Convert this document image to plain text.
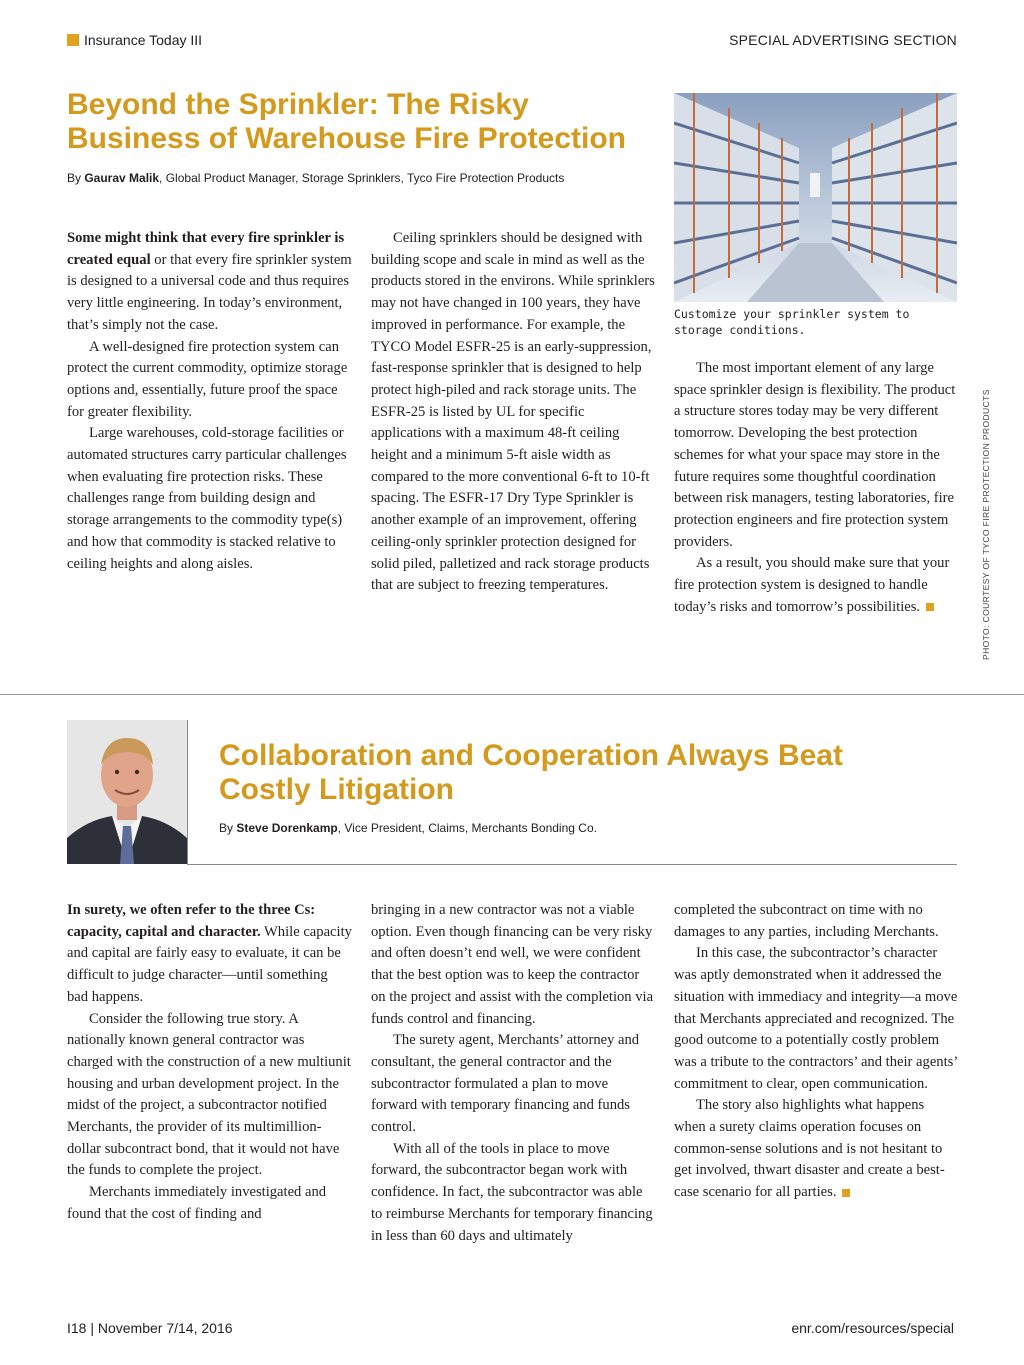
Insurance Today III	SPECIAL ADVERTISING SECTION
Beyond the Sprinkler: The Risky Business of Warehouse Fire Protection
By Gaurav Malik, Global Product Manager, Storage Sprinklers, Tyco Fire Protection Products
Customize your sprinkler system to storage conditions.
PHOTO: COURTESY OF TYCO FIRE PROTECTION PRODUCTS

Some might think that every fire sprinkler is created equal or that every fire sprinkler system is designed to a universal code and thus requires very little engineering. In today’s environment, that’s simply not the case.

A well-designed fire protection system can protect the current commodity, optimize storage options and, essentially, future proof the space for greater flexibility.

Large warehouses, cold-storage facilities or automated structures carry particular challenges when evaluating fire protection risks. These challenges range from building design and storage arrangements to the commodity type(s) and how that commodity is stacked relative to ceiling heights and along aisles.

Ceiling sprinklers should be designed with building scope and scale in mind as well as the products stored in the environs. While sprinklers may not have changed in 100 years, they have improved in performance. For example, the TYCO Model ESFR-25 is an early-suppression, fast-response sprinkler that is designed to help protect high-piled and rack storage units. The ESFR-25 is listed by UL for specific applications with a maximum 48-ft ceiling height and a minimum 5-ft aisle width as compared to the more conventional 6-ft to 10-ft spacing. The ESFR-17 Dry Type Sprinkler is another example of an improvement, offering ceiling-only sprinkler protection designed for solid piled, palletized and rack storage products that are subject to freezing temperatures.

The most important element of any large space sprinkler design is flexibility. The product a structure stores today may be very different tomorrow. Developing the best protection schemes for what your space may store in the future requires some thoughtful coordination between risk managers, testing laboratories, fire protection engineers and fire protection system providers.

As a result, you should make sure that your fire protection system is designed to handle today’s risks and tomorrow’s possibilities.

Collaboration and Cooperation Always Beat Costly Litigation
By Steve Dorenkamp, Vice President, Claims, Merchants Bonding Co.

In surety, we often refer to the three Cs: capacity, capital and character. While capacity and capital are fairly easy to evaluate, it can be difficult to judge character—until something bad happens.

Consider the following true story. A nationally known general contractor was charged with the construction of a new multiunit housing and urban development project. In the midst of the project, a subcontractor notified Merchants, the provider of its multimillion-dollar subcontract bond, that it would not have the funds to complete the project.

Merchants immediately investigated and found that the cost of finding and

bringing in a new contractor was not a viable option. Even though financing can be very risky and often doesn’t end well, we were confident that the best option was to keep the contractor on the project and assist with the completion via funds control and financing.

The surety agent, Merchants’ attorney and consultant, the general contractor and the subcontractor formulated a plan to move forward with temporary financing and funds control.

With all of the tools in place to move forward, the subcontractor began work with confidence. In fact, the subcontractor was able to reimburse Merchants for temporary financing in less than 60 days and ultimately

completed the subcontract on time with no damages to any parties, including Merchants.

In this case, the subcontractor’s character was aptly demonstrated when it addressed the situation with immediacy and integrity—a move that Merchants appreciated and recognized. The good outcome to a potentially costly problem was a tribute to the contractors’ and their agents’ commitment to clear, open communication.

The story also highlights what happens when a surety claims operation focuses on common-sense solutions and is not hesitant to get involved, thwart disaster and create a best-case scenario for all parties.

I18 | November 7/14, 2016	enr.com/resources/special
